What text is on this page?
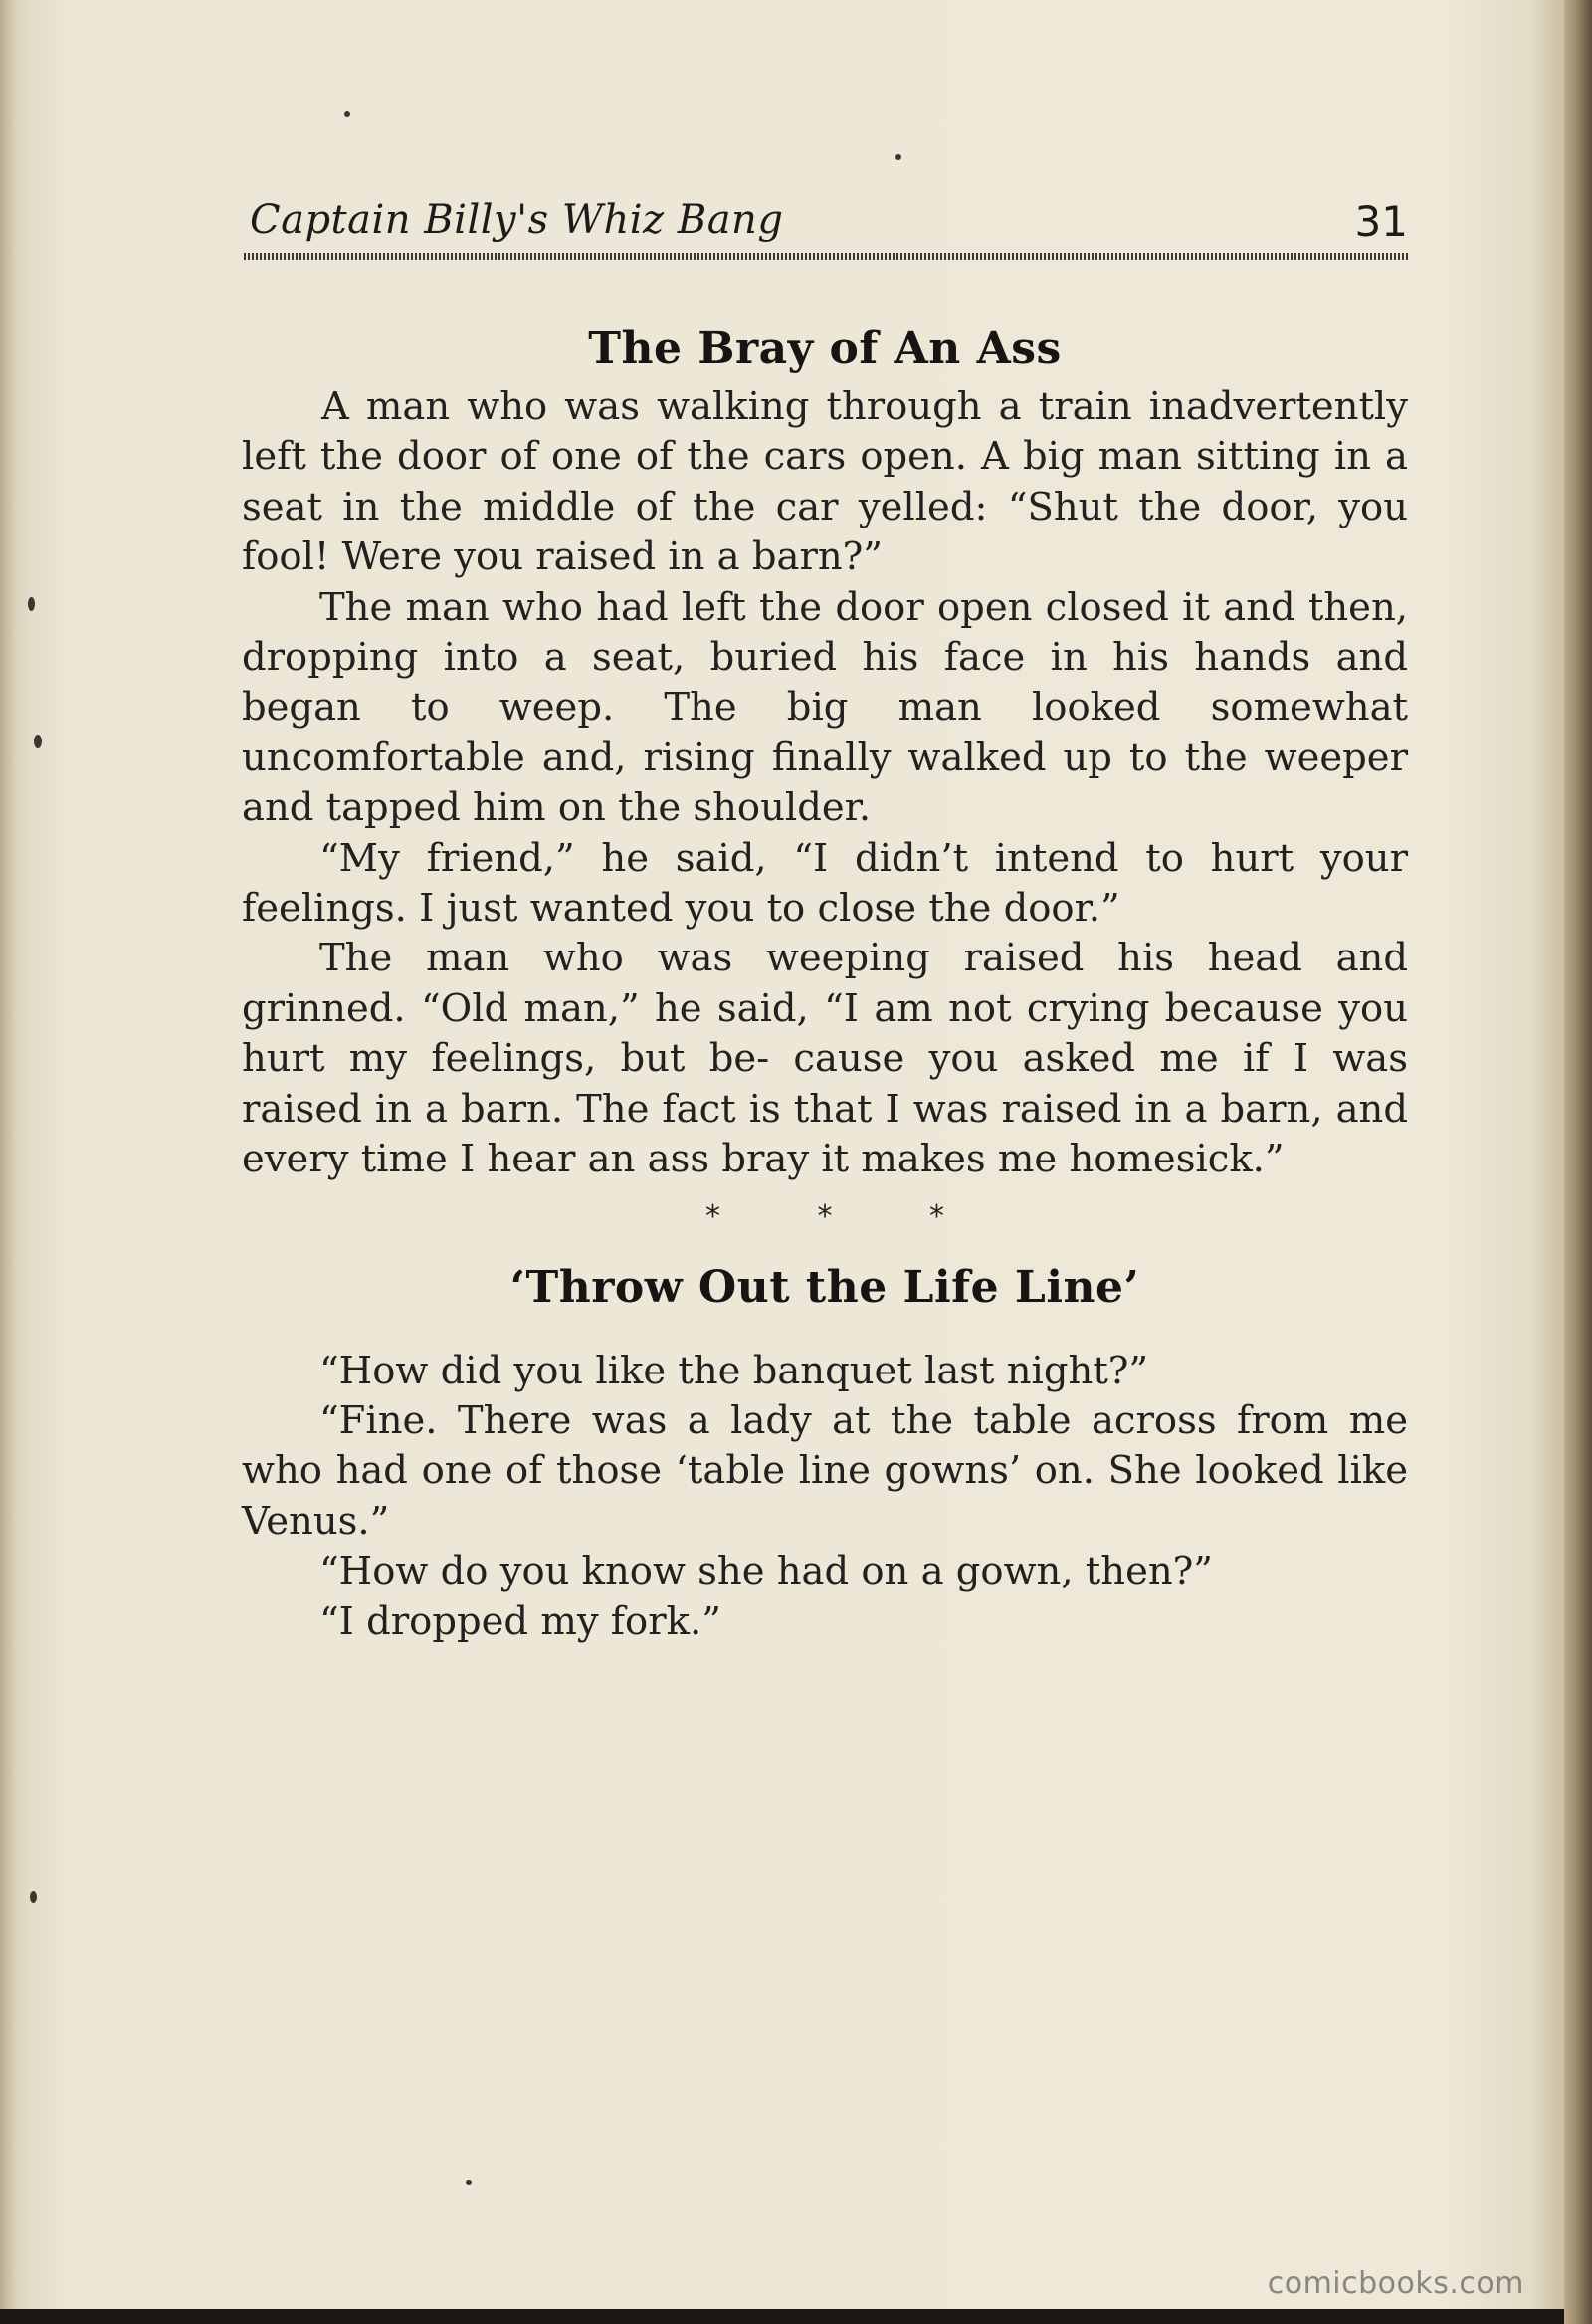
Captain Billy's Whiz Bang	31
The Bray of An Ass

A man who was walking through a train inadvertently left the door of one of the cars open. A big man sitting in a seat in the middle of the car yelled: “Shut the door, you fool! Were you raised in a barn?”

The man who had left the door open closed it and then, dropping into a seat, buried his face in his hands and began to weep. The big man looked somewhat uncomfortable and, rising finally walked up to the weeper and tapped him on the shoulder.

“My friend,” he said, “I didn’t intend to hurt your feelings. I just wanted you to close the door.”

The man who was weeping raised his head and grinned. “Old man,” he said, “I am not crying because you hurt my feelings, but be- cause you asked me if I was raised in a barn. The fact is that I was raised in a barn, and every time I hear an ass bray it makes me homesick.”

* * *
‘Throw Out the Life Line’

“How did you like the banquet last night?”

“Fine. There was a lady at the table across from me who had one of those ‘table line gowns’ on. She looked like Venus.”

“How do you know she had on a gown, then?”

“I dropped my fork.”

comicbooks.com
